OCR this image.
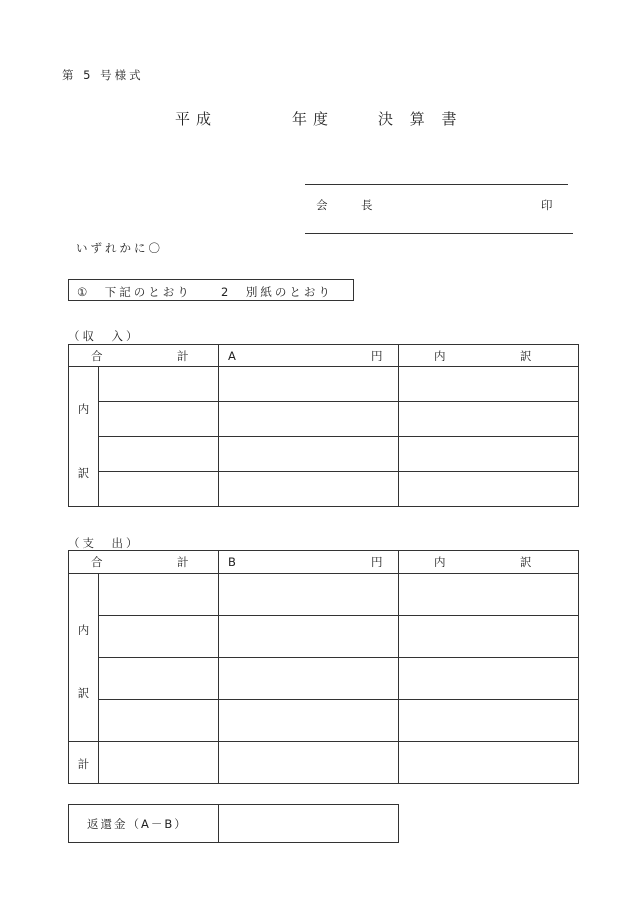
第 5 号様式
平成	年度	決 算 書
会	長	印
いずれかに〇
①　下記のとおり	2　別紙のとおり
（収　入）
合 計		A 円	内 訳

内
訳			

（支　出）
合 計		B 円	内 訳

内
訳			

計			

返還金（A－B）
